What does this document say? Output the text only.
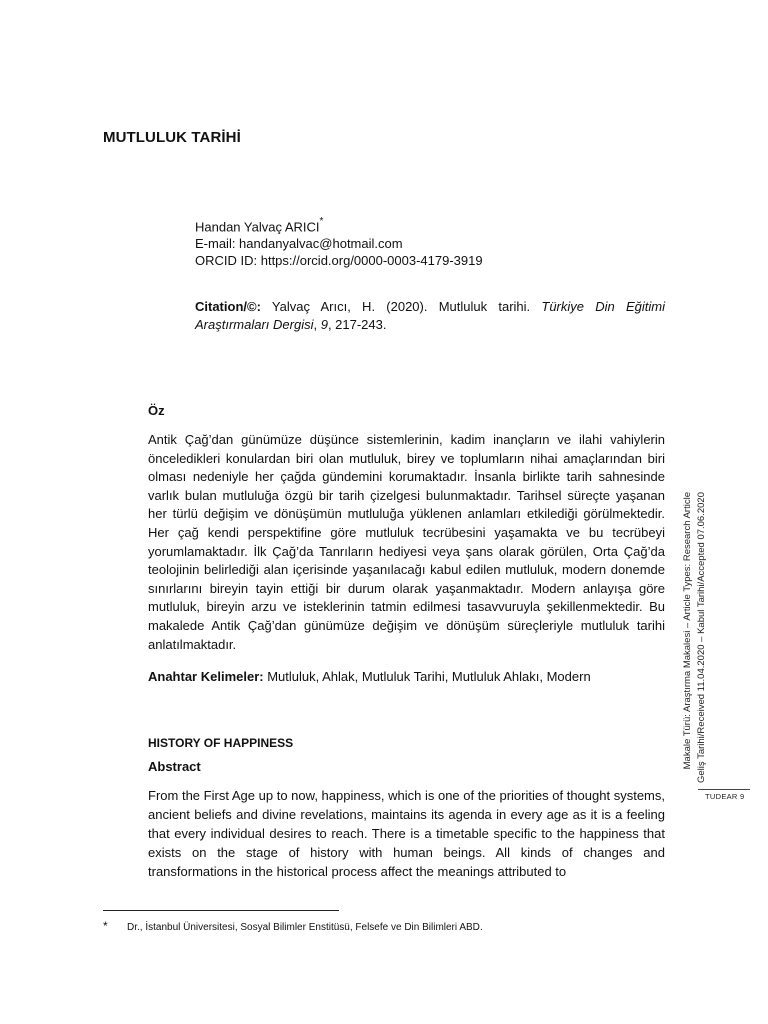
MUTLULUK TARİHİ
Handan Yalvaç ARICI*
E-mail: handanyalvac@hotmail.com
ORCID ID: https://orcid.org/0000-0003-4179-3919
Citation/©: Yalvaç Arıcı, H. (2020). Mutluluk tarihi. Türkiye Din Eğitimi Araştırmaları Dergisi, 9, 217-243.
Öz

Antik Çağ’dan günümüze düşünce sistemlerinin, kadim inançların ve ilahi vahiylerin önceledikleri konulardan biri olan mutluluk, birey ve toplumların nihai amaçlarından biri olması nedeniyle her çağda gündemini korumaktadır. İnsanla birlikte tarih sahnesinde varlık bulan mutluluğa özgü bir tarih çizelgesi bulunmaktadır. Tarihsel süreçte yaşanan her türlü değişim ve dönüşümün mutluluğa yüklenen anlamları etkilediği görülmektedir. Her çağ kendi perspektifine göre mutluluk tecrübesini yaşamakta ve bu tecrübeyi yorumlamaktadır. İlk Çağ’da Tanrıların hediyesi veya şans olarak görülen, Orta Çağ’da teolojinin belirlediği alan içerisinde yaşanılacağı kabul edilen mutluluk, modern donemde sınırlarını bireyin tayin ettiği bir durum olarak yaşanmaktadır. Modern anlayışa göre mutluluk, bireyin arzu ve isteklerinin tatmin edilmesi tasavvuruyla şekillenmektedir. Bu makalede Antik Çağ’dan günümüze değişim ve dönüşüm süreçleriyle mutluluk tarihi anlatılmaktadır.

Anahtar Kelimeler: Mutluluk, Ahlak, Mutluluk Tarihi, Mutluluk Ahlakı, Modern
HISTORY OF HAPPINESS
Abstract

From the First Age up to now, happiness, which is one of the priorities of thought systems, ancient beliefs and divine revelations, maintains its agenda in every age as it is a feeling that every individual desires to reach. There is a timetable specific to the happiness that exists on the stage of history with human beings. All kinds of changes and transformations in the historical process affect the meanings attributed to

* Dr., İstanbul Üniversitesi, Sosyal Bilimler Enstitüsü, Felsefe ve Din Bilimleri ABD.
Makale Türü: Araştırma Makalesi – Article Types: Research Article Geliş Tarihi/Received 11.04.2020 – Kabul Tarihi/Accepted 07.06.2020
TUDEAR 9
